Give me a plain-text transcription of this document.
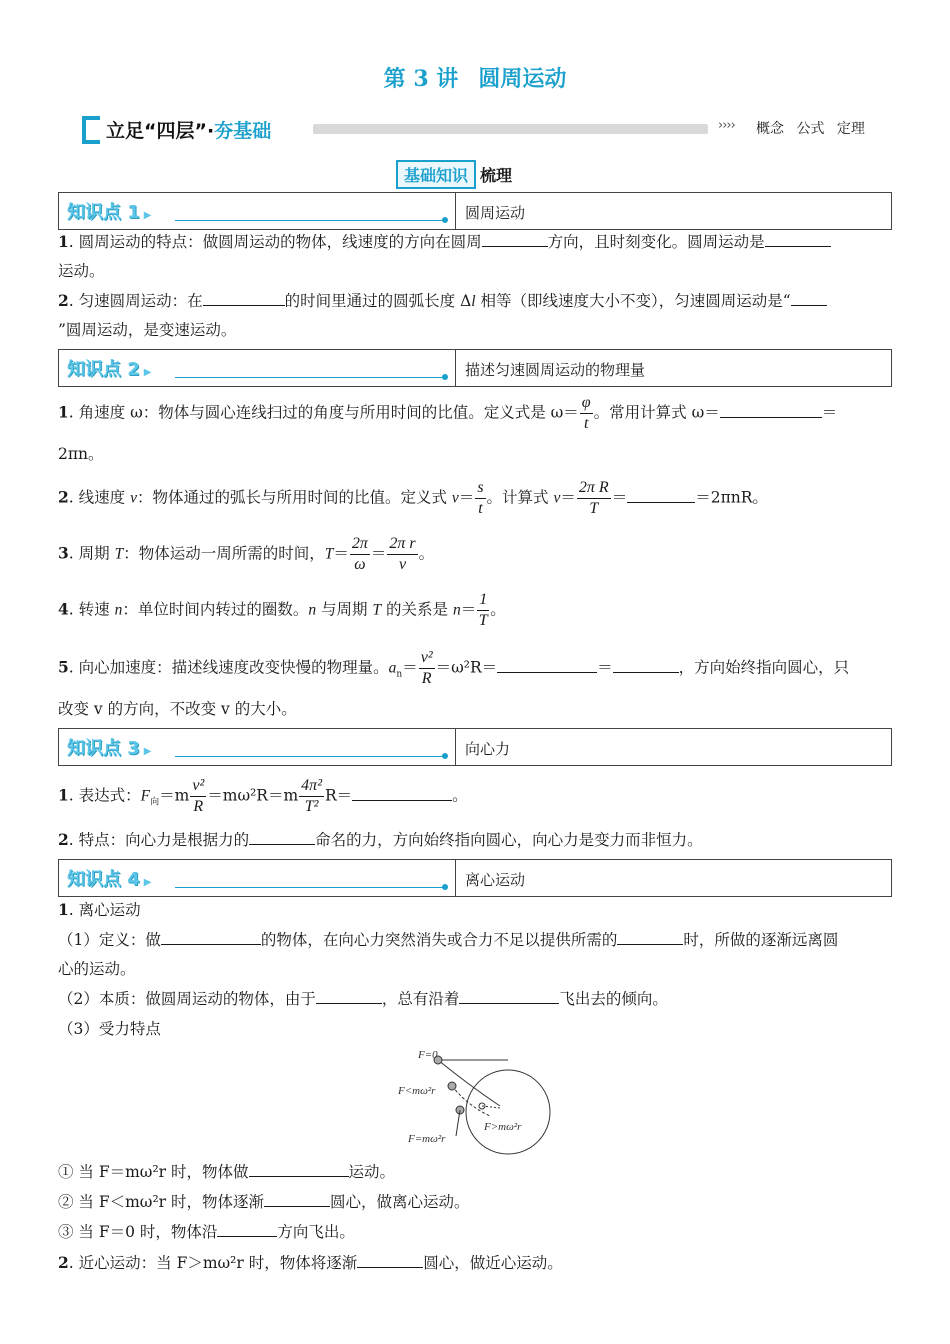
第 3 讲 圆周运动
立足“四层”·夯基础	›››› 概念 公式 定理
基础知识 梳理
知识点 1 ▶	圆周运动
1. 圆周运动的特点：做圆周运动的物体，线速度的方向在圆周	方向，且时刻变化。圆周运动是
运动。
2. 匀速圆周运动：在	的时间里通过的圆弧长度 Δl 相等（即线速度大小不变），匀速圆周运动是“
”圆周运动，是变速运动。
知识点 2 ▶	描述匀速圆周运动的物理量
1. 角速度 ω：物体与圆心连线扫过的角度与所用时间的比值。定义式是 $\omega= \frac{\varphi}{t}$ 。常用计算式 ω＝	＝
2πn。
2. 线速度 v：物体通过的弧长与所用时间的比值。定义式 $v= \frac{s}{t}$ 。计算式 $v= \frac{\text{2π R}}{T}$ ＝	＝2πnR。
3. 周期 T：物体运动一周所需的时间，$T= \frac{2\pi}{\omega} = \frac{\text{2π r}}{v}$ 。
4. 转速 n：单位时间内转过的圈数。n 与周期 T 的关系是 $n= \frac{1}{T}$ 。
5. 向心加速度：描述线速度改变快慢的物理量。$a_n= \frac{\text{v²}}{R} =\omega^2R=$	＝	，方向始终指向圆心，只
改变 v 的方向，不改变 v 的大小。
知识点 3 ▶	向心力
1. 表达式：$F_向=m \frac{\text{v²}}{R} =m\omega^2R=m \frac{\text{4π²}}{\text{T²}} R=$	。
2. 特点：向心力是根据力的	命名的力，方向始终指向圆心，向心力是变力而非恒力。
知识点 4 ▶	离心运动
1. 离心运动
（1）定义：做	的物体，在向心力突然消失或合力不足以提供所需的	时，所做的逐渐远离圆
心的运动。
（2）本质：做圆周运动的物体，由于	，总有沿着	飞出去的倾向。
（3）受力特点
F=0
F<mω²r
F>mω²r
F=mω²r
① 当 F＝mω²r 时，物体做	运动。
② 当 F＜mω²r 时，物体逐渐	圆心，做离心运动。
③ 当 F＝0 时，物体沿	方向飞出。
2. 近心运动：当 F＞mω²r 时，物体将逐渐	圆心，做近心运动。
